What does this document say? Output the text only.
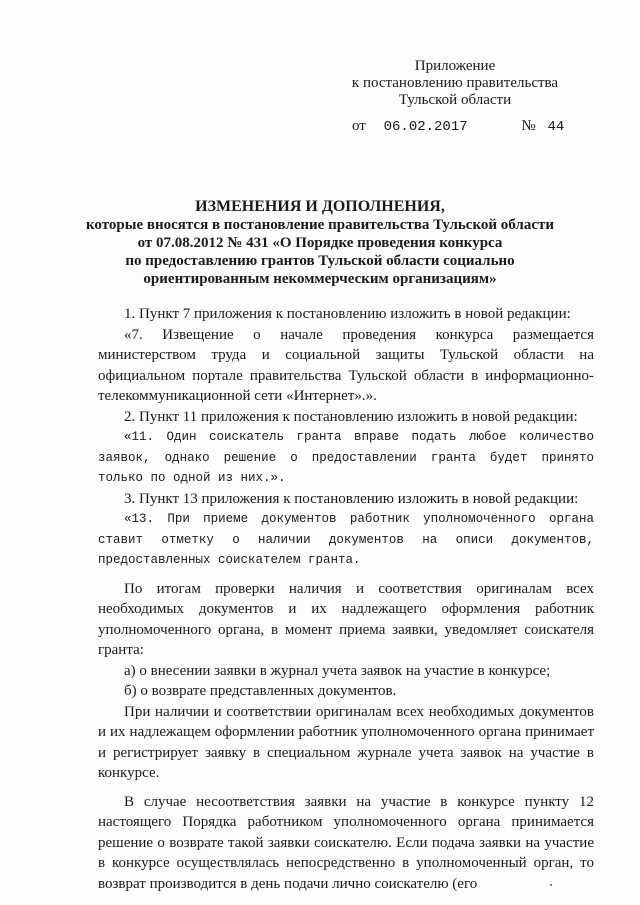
Приложение
к постановлению правительства
Тульской области
от 06.02.2017	№ 44
ИЗМЕНЕНИЯ И ДОПОЛНЕНИЯ,
которые вносятся в постановление правительства Тульской области
от 07.08.2012 № 431 «О Порядке проведения конкурса
по предоставлению грантов Тульской области социально
ориентированным некоммерческим организациям»

1. Пункт 7 приложения к постановлению изложить в новой редакции:

«7. Извещение о начале проведения конкурса размещается министерством труда и социальной защиты Тульской области на официальном портале правительства Тульской области в информационно-телекоммуникационной сети «Интернет».».

2. Пункт 11 приложения к постановлению изложить в новой редакции:

«11. Один соискатель гранта вправе подать любое количество заявок, однако решение о предоставлении гранта будет принято только по одной из них.».

3. Пункт 13 приложения к постановлению изложить в новой редакции:

«13. При приеме документов работник уполномоченного органа ставит отметку о наличии документов на описи документов, предоставленных соискателем гранта.

По итогам проверки наличия и соответствия оригиналам всех необходимых документов и их надлежащего оформления работник уполномоченного органа, в момент приема заявки, уведомляет соискателя гранта:

а) о внесении заявки в журнал учета заявок на участие в конкурсе;

б) о возврате представленных документов.

При наличии и соответствии оригиналам всех необходимых документов и их надлежащем оформлении работник уполномоченного органа принимает и регистрирует заявку в специальном журнале учета заявок на участие в конкурсе.

В случае несоответствия заявки на участие в конкурсе пункту 12 настоящего Порядка работником уполномоченного органа принимается решение о возврате такой заявки соискателю. Если подача заявки на участие в конкурсе осуществлялась непосредственно в уполномоченный орган, то возврат производится в день подачи лично соискателю (его
